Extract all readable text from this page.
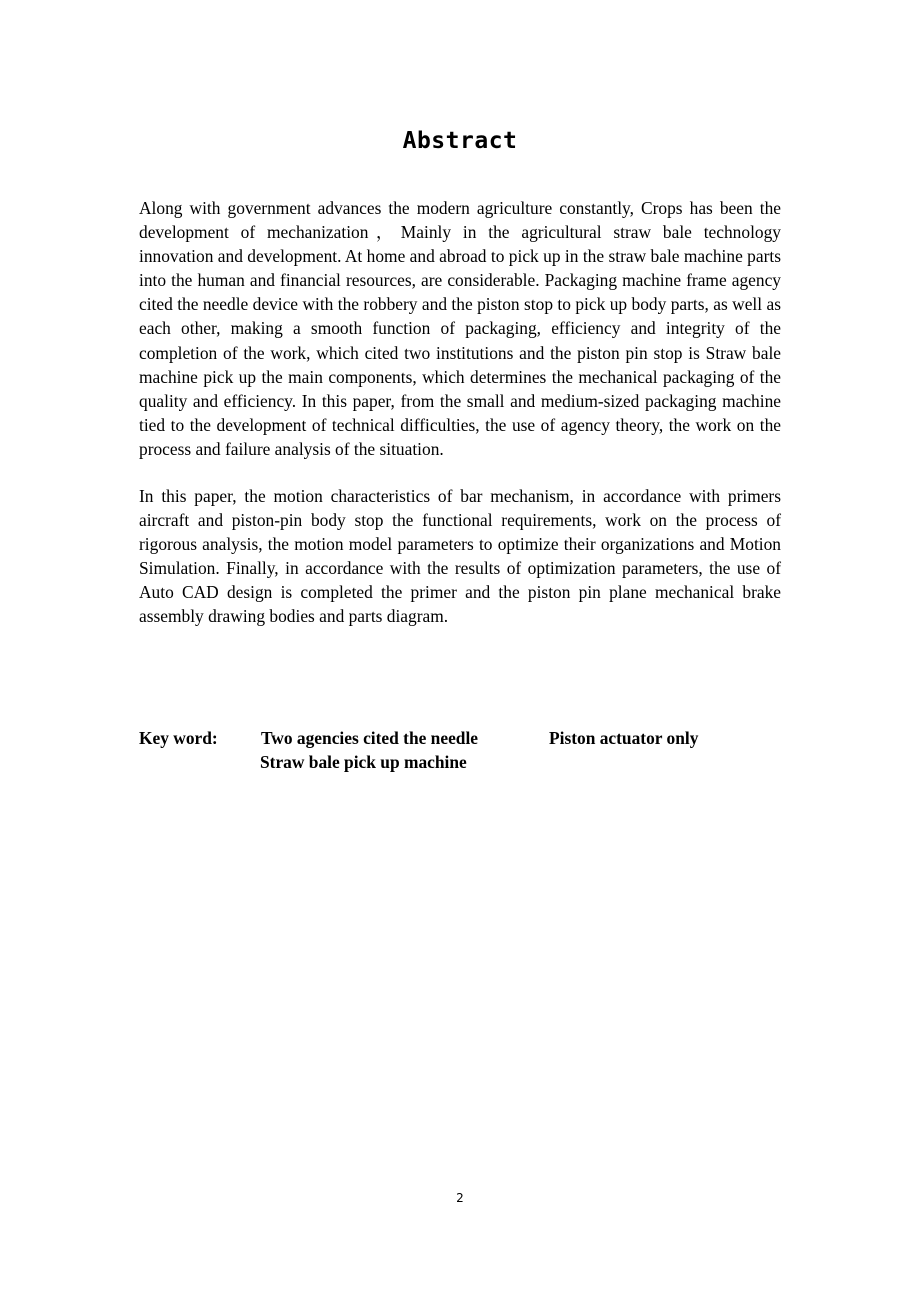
Abstract

Along with government advances the modern agriculture constantly, Crops has been the development of mechanization，Mainly in the agricultural straw bale technology innovation and development. At home and abroad to pick up in the straw bale machine parts into the human and financial resources, are considerable. Packaging machine frame agency cited the needle device with the robbery and the piston stop to pick up body parts, as well as each other, making a smooth function of packaging, efficiency and integrity of the completion of the work, which cited two institutions and the piston pin stop is Straw bale machine pick up the main components, which determines the mechanical packaging of the quality and efficiency. In this paper, from the small and medium-sized packaging machine tied to the development of technical difficulties, the use of agency theory, the work on the process and failure analysis of the situation.

In this paper, the motion characteristics of bar mechanism, in accordance with primers aircraft and piston-pin body stop the functional requirements, work on the process of rigorous analysis, the motion model parameters to optimize their organizations and Motion Simulation. Finally, in accordance with the results of optimization parameters, the use of Auto CAD design is completed the primer and the piston pin plane mechanical brake assembly drawing bodies and parts diagram.

Key word: Two agencies cited the needle	Piston actuator only
Straw bale pick up machine
2
